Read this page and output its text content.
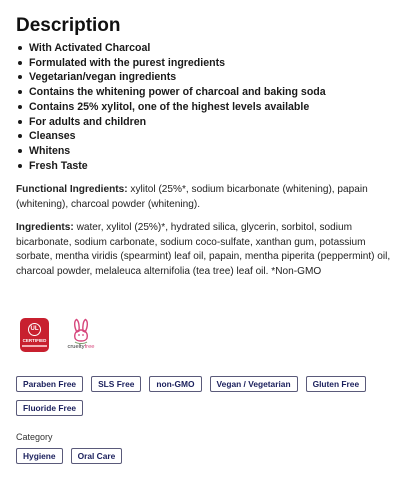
Description
With Activated Charcoal
Formulated with the purest ingredients
Vegetarian/vegan ingredients
Contains the whitening power of charcoal and baking soda
Contains 25% xylitol, one of the highest levels available
For adults and children
Cleanses
Whitens
Fresh Taste

Functional Ingredients: xylitol (25%*, sodium bicarbonate (whitening), papain (whitening), charcoal powder (whitening).

Ingredients: water, xylitol (25%)*, hydrated silica, glycerin, sorbitol, sodium bicarbonate, sodium carbonate, sodium coco-sulfate, xanthan gum, potassium sorbate, mentha viridis (spearmint) leaf oil, papain, mentha piperita (peppermint) oil, charcoal powder, melaleuca alternifolia (tea tree) leaf oil. *Non-GMO

UL
CERTIFIED
crueltyfree
Paraben Free	SLS Free	non-GMO	Vegan / Vegetarian	Gluten Free
Fluoride Free
Category
Hygiene	Oral Care
